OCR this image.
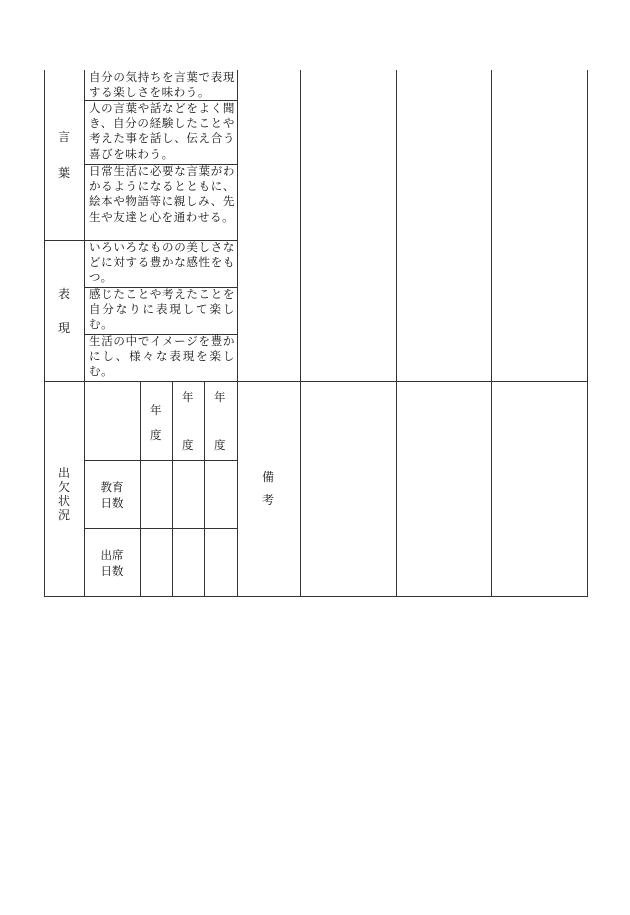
言
葉
自分の気持ちを言葉で表現する楽しさを味わう。
人の言葉や話などをよく聞き、自分の経験したことや考えた事を話し、伝え合う喜びを味わう。
日常生活に必要な言葉がわかるようになるとともに、絵本や物語等に親しみ、先生や友達と心を通わせる。
表
現
いろいろなものの美しさなどに対する豊かな感性をもつ。
感じたことや考えたことを自分なりに表現して楽しむ。
生活の中でイメージを豊かにし、様々な表現を楽しむ。
出
欠
状
況
年
度
年
度
年
度
教育
日数
出席
日数
備
考
